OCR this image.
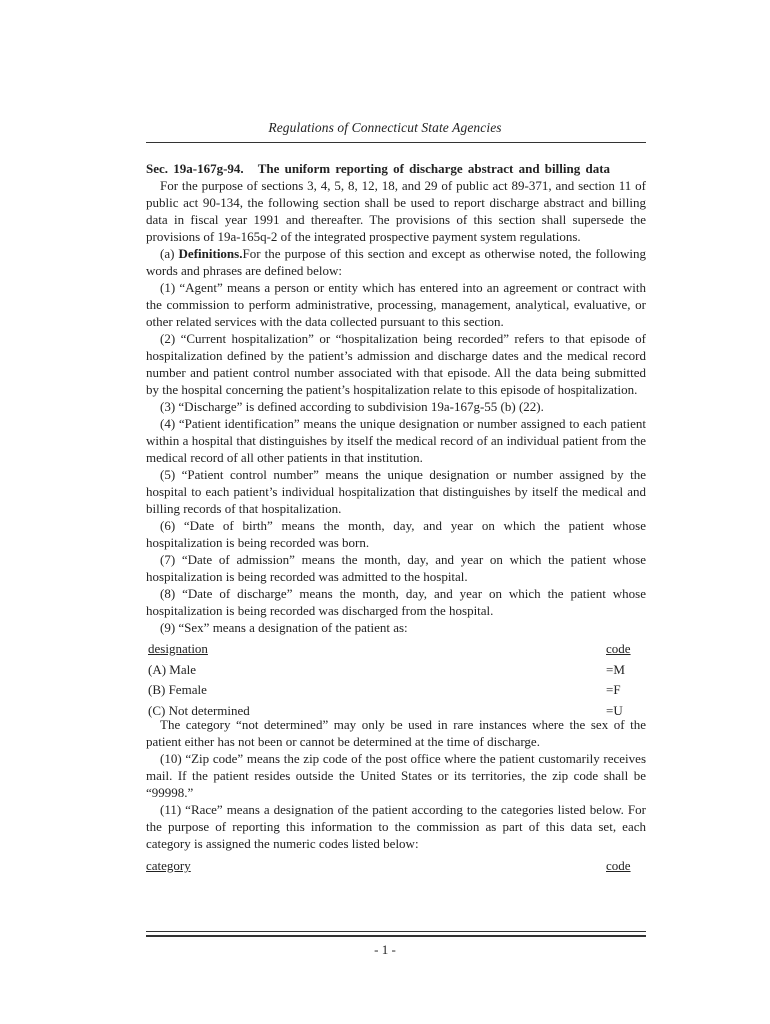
Regulations of Connecticut State Agencies

Sec. 19a-167g-94. The uniform reporting of discharge abstract and billing data

For the purpose of sections 3, 4, 5, 8, 12, 18, and 29 of public act 89-371, and section 11 of public act 90-134, the following section shall be used to report discharge abstract and billing data in fiscal year 1991 and thereafter. The provisions of this section shall supersede the provisions of 19a-165q-2 of the integrated prospective payment system regulations.

(a) Definitions.For the purpose of this section and except as otherwise noted, the following words and phrases are defined below:

(1) “Agent” means a person or entity which has entered into an agreement or contract with the commission to perform administrative, processing, management, analytical, evaluative, or other related services with the data collected pursuant to this section.

(2) “Current hospitalization” or “hospitalization being recorded” refers to that episode of hospitalization defined by the patient’s admission and discharge dates and the medical record number and patient control number associated with that episode. All the data being submitted by the hospital concerning the patient’s hospitalization relate to this episode of hospitalization.

(3) “Discharge” is defined according to subdivision 19a-167g-55 (b) (22).

(4) “Patient identification” means the unique designation or number assigned to each patient within a hospital that distinguishes by itself the medical record of an individual patient from the medical record of all other patients in that institution.

(5) “Patient control number” means the unique designation or number assigned by the hospital to each patient’s individual hospitalization that distinguishes by itself the medical and billing records of that hospitalization.

(6) “Date of birth” means the month, day, and year on which the patient whose hospitalization is being recorded was born.

(7) “Date of admission” means the month, day, and year on which the patient whose hospitalization is being recorded was admitted to the hospital.

(8) “Date of discharge” means the month, day, and year on which the patient whose hospitalization is being recorded was discharged from the hospital.

(9) “Sex” means a designation of the patient as:

designation	code
(A) Male	=M
(B) Female	=F
(C) Not determined	=U

The category “not determined” may only be used in rare instances where the sex of the patient either has not been or cannot be determined at the time of discharge.

(10) “Zip code” means the zip code of the post office where the patient customarily receives mail. If the patient resides outside the United States or its territories, the zip code shall be “99998.”

(11) “Race” means a designation of the patient according to the categories listed below. For the purpose of reporting this information to the commission as part of this data set, each category is assigned the numeric codes listed below:

category	code
- 1 -
